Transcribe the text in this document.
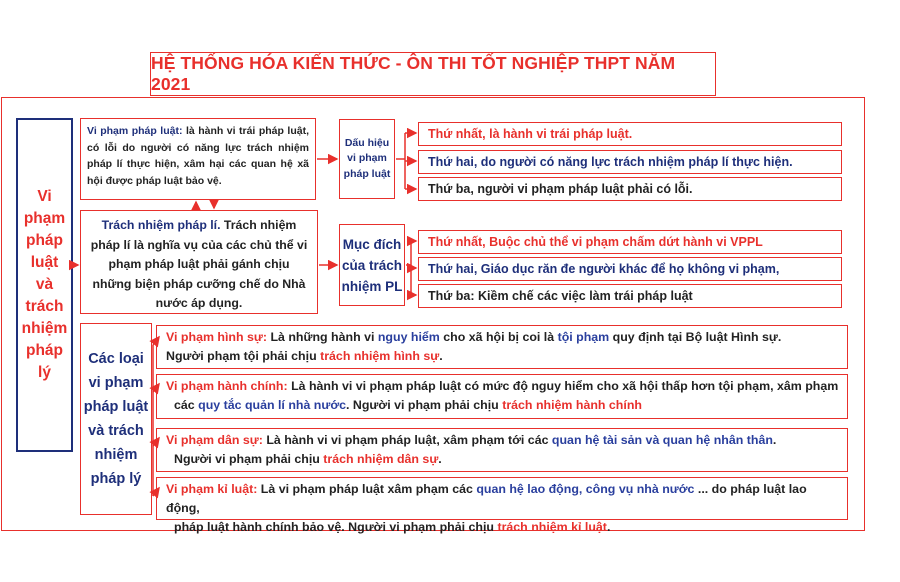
HỆ THỐNG HÓA KIẾN THỨC - ÔN THI TỐT NGHIỆP THPT NĂM 2021
Vi
phạm
pháp
luật
và
trách
nhiệm
pháp
lý
Vi phạm pháp luật: là hành vi trái pháp luật, có lỗi do người có năng lực trách nhiệm pháp lí thực hiện, xâm hại các quan hệ xã hội được pháp luật bảo vệ.
Trách nhiệm pháp lí. Trách nhiệm pháp lí là nghĩa vụ của các chủ thể vi phạm pháp luật phải gánh chịu những biện pháp cưỡng chế do Nhà nước áp dụng.
Dấu hiệu
vi phạm
pháp luật
Thứ nhất, là hành vi trái pháp luật.
Thứ hai, do người có năng lực trách nhiệm pháp lí thực hiện.
Thứ ba, người vi phạm pháp luật phải có lỗi.
Mục đích
của trách
nhiệm PL
Thứ nhất, Buộc chủ thể vi phạm chấm dứt hành vi VPPL
Thứ hai, Giáo dục răn đe người khác để họ không vi phạm,
Thứ ba: Kiềm chế các việc làm trái pháp luật
Các loại
vi phạm
pháp luật
và trách
nhiệm
pháp lý
Vi phạm hình sự: Là những hành vi nguy hiểm cho xã hội bị coi là tội phạm quy định tại Bộ luật Hình sự.
Người phạm tội phải chịu trách nhiệm hình sự.
Vi phạm hành chính: Là hành vi vi phạm pháp luật có mức độ nguy hiểm cho xã hội thấp hơn tội phạm, xâm phạm
các quy tắc quản lí nhà nước. Người vi phạm phải chịu trách nhiệm hành chính
Vi phạm dân sự: Là hành vi vi phạm pháp luật, xâm phạm tới các quan hệ tài sản và quan hệ nhân thân.
Người vi phạm phải chịu trách nhiệm dân sự.
Vi phạm kỉ luật: Là vi phạm pháp luật xâm phạm các quan hệ lao động, công vụ nhà nước ... do pháp luật lao động,
pháp luật hành chính bảo vệ. Người vi phạm phải chịu trách nhiệm kỉ luật.
